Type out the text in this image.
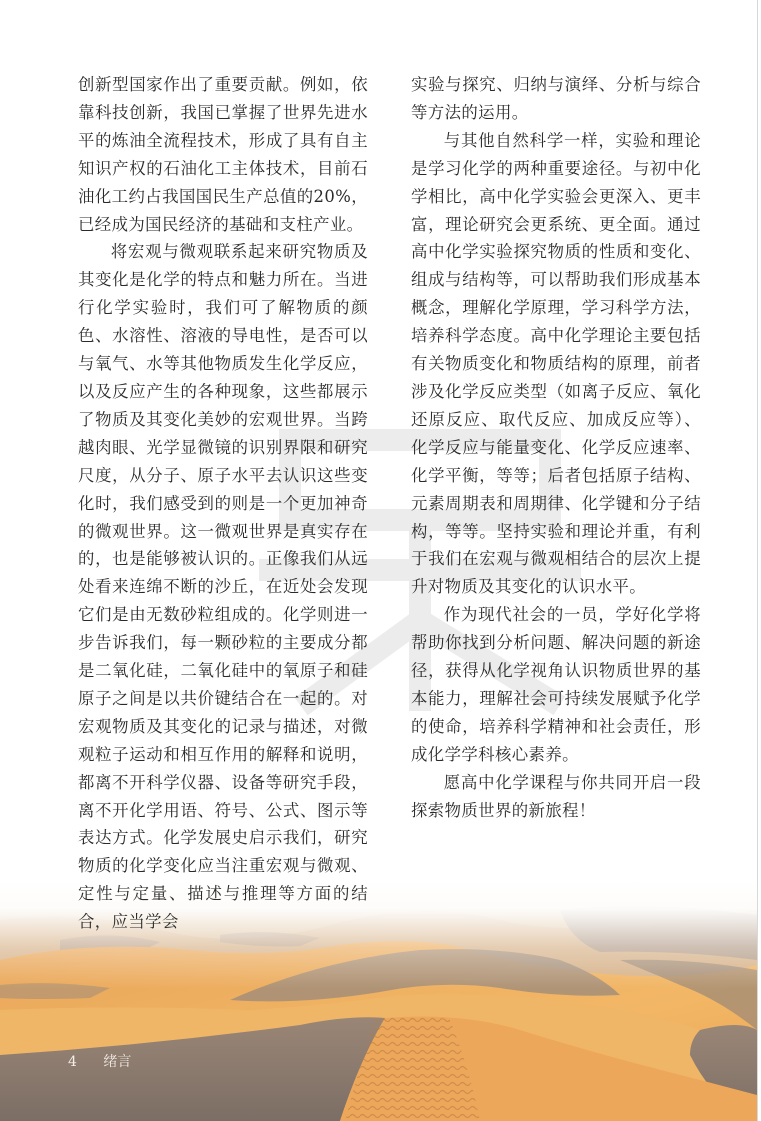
创新型国家作出了重要贡献。例如，依靠科技创新，我国已掌握了世界先进水平的炼油全流程技术，形成了具有自主知识产权的石油化工主体技术，目前石油化工约占我国国民生产总值的20%，已经成为国民经济的基础和支柱产业。

将宏观与微观联系起来研究物质及其变化是化学的特点和魅力所在。当进行化学实验时，我们可了解物质的颜色、水溶性、溶液的导电性，是否可以与氧气、水等其他物质发生化学反应，以及反应产生的各种现象，这些都展示了物质及其变化美妙的宏观世界。当跨越肉眼、光学显微镜的识别界限和研究尺度，从分子、原子水平去认识这些变化时，我们感受到的则是一个更加神奇的微观世界。这一微观世界是真实存在的，也是能够被认识的。正像我们从远处看来连绵不断的沙丘，在近处会发现它们是由无数砂粒组成的。化学则进一步告诉我们，每一颗砂粒的主要成分都是二氧化硅，二氧化硅中的氧原子和硅原子之间是以共价键结合在一起的。对宏观物质及其变化的记录与描述，对微观粒子运动和相互作用的解释和说明，都离不开科学仪器、设备等研究手段，离不开化学用语、符号、公式、图示等表达方式。化学发展史启示我们，研究物质的化学变化应当注重宏观与微观、定性与定量、描述与推理等方面的结合，应当学会

实验与探究、归纳与演绎、分析与综合等方法的运用。

与其他自然科学一样，实验和理论是学习化学的两种重要途径。与初中化学相比，高中化学实验会更深入、更丰富，理论研究会更系统、更全面。通过高中化学实验探究物质的性质和变化、组成与结构等，可以帮助我们形成基本概念，理解化学原理，学习科学方法，培养科学态度。高中化学理论主要包括有关物质变化和物质结构的原理，前者涉及化学反应类型（如离子反应、氧化还原反应、取代反应、加成反应等）、化学反应与能量变化、化学反应速率、化学平衡，等等；后者包括原子结构、元素周期表和周期律、化学键和分子结构，等等。坚持实验和理论并重，有利于我们在宏观与微观相结合的层次上提升对物质及其变化的认识水平。

作为现代社会的一员，学好化学将帮助你找到分析问题、解决问题的新途径，获得从化学视角认识物质世界的基本能力，理解社会可持续发展赋予化学的使命，培养科学精神和社会责任，形成化学学科核心素养。

愿高中化学课程与你共同开启一段探索物质世界的新旅程！

4 绪言
